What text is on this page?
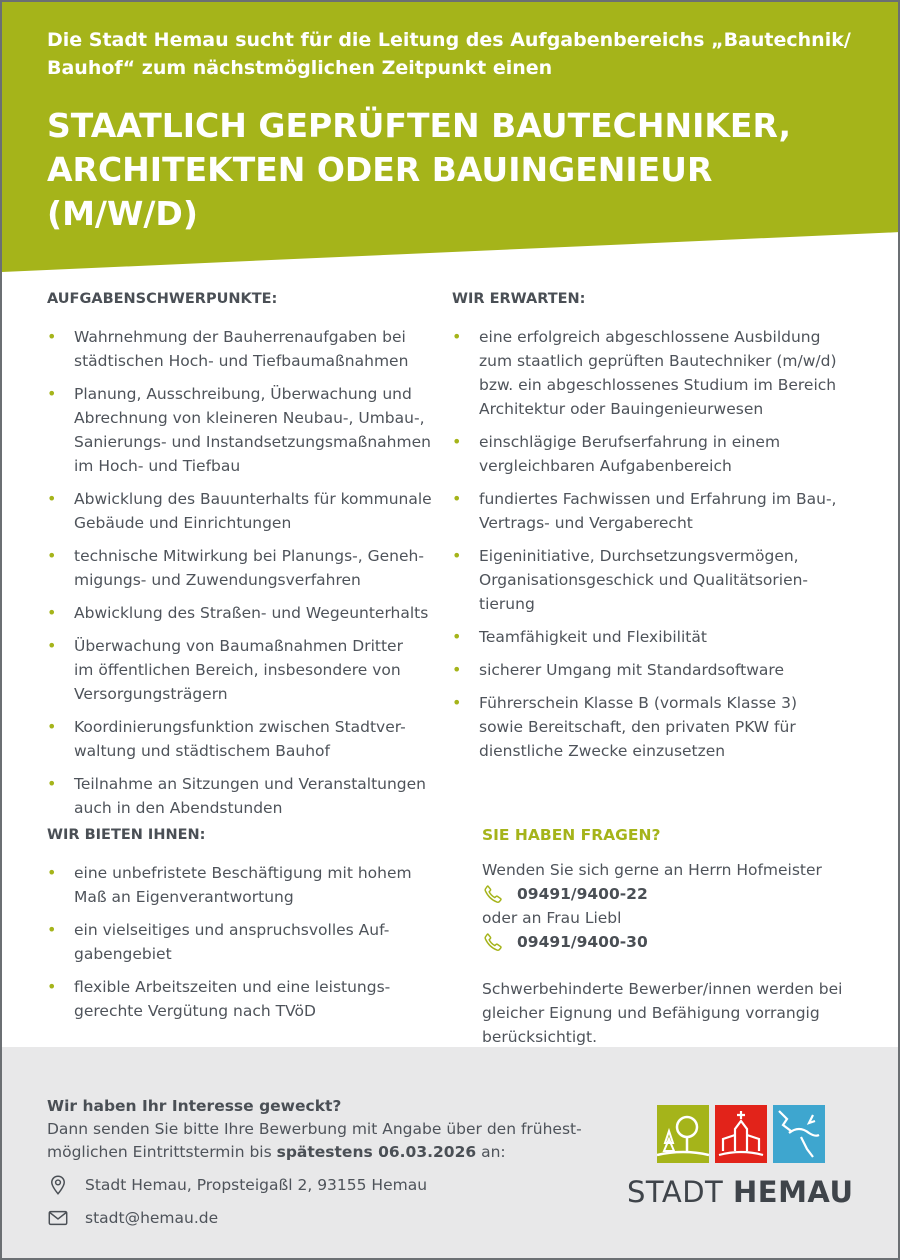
Die Stadt Hemau sucht für die Leitung des Aufgabenbereichs „Bautechnik/ Bauhof“ zum nächstmöglichen Zeitpunkt einen
STAATLICH GEPRÜFTEN BAUTECHNIKER,
ARCHITEKTEN ODER BAUINGENIEUR
(M/W/D)
AUFGABENSCHWERPUNKTE:
• Wahrnehmung der Bauherrenaufgaben bei
städtischen Hoch- und Tiefbaumaßnahmen
• Planung, Ausschreibung, Überwachung und
Abrechnung von kleineren Neubau-, Umbau-,
Sanierungs- und Instandsetzungsmaßnahmen
im Hoch- und Tiefbau
• Abwicklung des Bauunterhalts für kommunale
Gebäude und Einrichtungen
• technische Mitwirkung bei Planungs-, Geneh-
migungs- und Zuwendungsverfahren
• Abwicklung des Straßen- und Wegeunterhalts
• Überwachung von Baumaßnahmen Dritter
im öffentlichen Bereich, insbesondere von
Versorgungsträgern
• Koordinierungsfunktion zwischen Stadtver-
waltung und städtischem Bauhof
• Teilnahme an Sitzungen und Veranstaltungen
auch in den Abendstunden
WIR ERWARTEN:
• eine erfolgreich abgeschlossene Ausbildung
zum staatlich geprüften Bautechniker (m/w/d)
bzw. ein abgeschlossenes Studium im Bereich
Architektur oder Bauingenieurwesen
• einschlägige Berufserfahrung in einem
vergleichbaren Aufgabenbereich
• fundiertes Fachwissen und Erfahrung im Bau-,
Vertrags- und Vergaberecht
• Eigeninitiative, Durchsetzungsvermögen,
Organisationsgeschick und Qualitätsorien-
tierung
• Teamfähigkeit und Flexibilität
• sicherer Umgang mit Standardsoftware
• Führerschein Klasse B (vormals Klasse 3)
sowie Bereitschaft, den privaten PKW für
dienstliche Zwecke einzusetzen
WIR BIETEN IHNEN:
• eine unbefristete Beschäftigung mit hohem
Maß an Eigenverantwortung
• ein vielseitiges und anspruchsvolles Auf-
gabengebiet
• flexible Arbeitszeiten und eine leistungs-
gerechte Vergütung nach TVöD
SIE HABEN FRAGEN?
Wenden Sie sich gerne an Herrn Hofmeister
09491/9400-22
oder an Frau Liebl
09491/9400-30
Schwerbehinderte Bewerber/innen werden bei
gleicher Eignung und Befähigung vorrangig
berücksichtigt.
Wir haben Ihr Interesse geweckt?
Dann senden Sie bitte Ihre Bewerbung mit Angabe über den frühest-
möglichen Eintrittstermin bis spätestens 06.03.2026 an:
Stadt Hemau, Propsteigaßl 2, 93155 Hemau
stadt@hemau.de
STADT HEMAU
